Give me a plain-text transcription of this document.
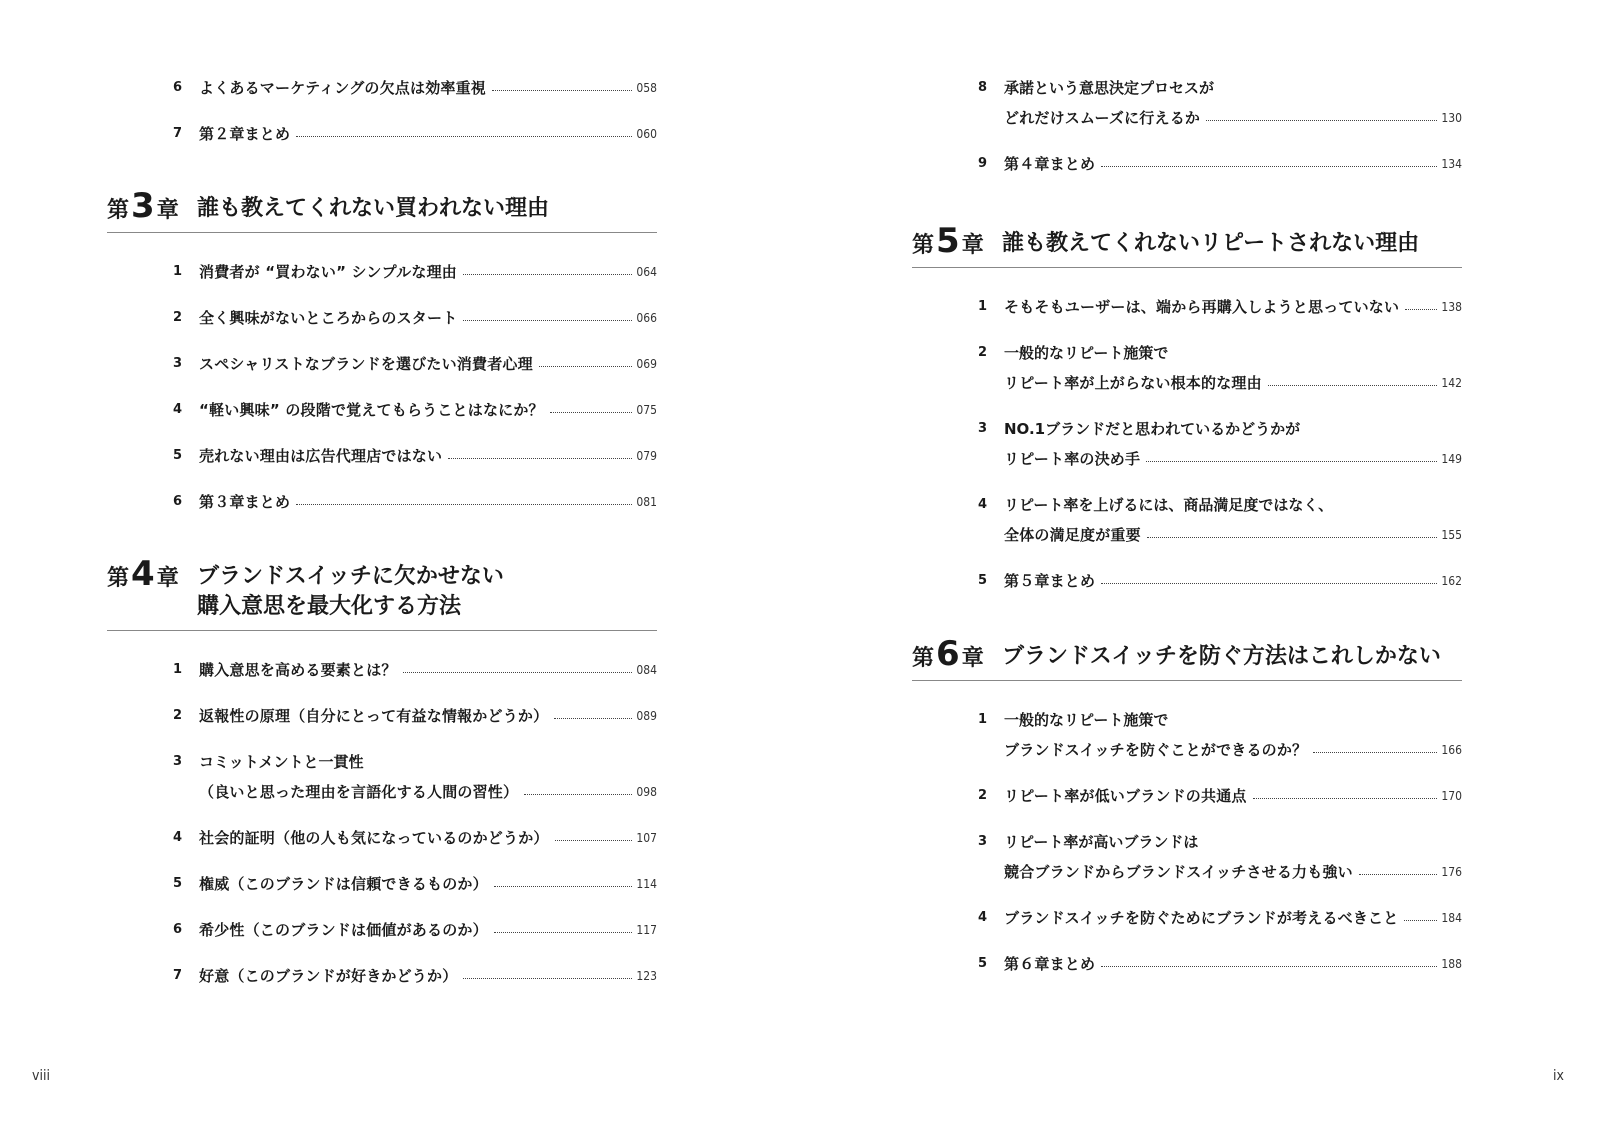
6	よくあるマーケティングの欠点は効率重視	058
7	第２章まとめ	060
第3章 誰も教えてくれない買われない理由
1	消費者が “買わない” シンプルな理由	064
2	全く興味がないところからのスタート	066
3	スペシャリストなブランドを選びたい消費者心理	069
4	“軽い興味” の段階で覚えてもらうことはなにか？	075
5	売れない理由は広告代理店ではない	079
6	第３章まとめ	081
第4章 ブランドスイッチに欠かせない
購入意思を最大化する方法
1	購入意思を高める要素とは？	084
2	返報性の原理（自分にとって有益な情報かどうか）	089
3	コミットメントと一貫性
（良いと思った理由を言語化する人間の習性）	098
4	社会的証明（他の人も気になっているのかどうか）	107
5	権威（このブランドは信頼できるものか）	114
6	希少性（このブランドは価値があるのか）	117
7	好意（このブランドが好きかどうか）	123
viii
8	承諾という意思決定プロセスが
どれだけスムーズに行えるか	130
9	第４章まとめ	134
第5章 誰も教えてくれないリピートされない理由
1	そもそもユーザーは、端から再購入しようと思っていない	138
2	一般的なリピート施策で
リピート率が上がらない根本的な理由	142
3	NO.1ブランドだと思われているかどうかが
リピート率の決め手	149
4	リピート率を上げるには、商品満足度ではなく、
全体の満足度が重要	155
5	第５章まとめ	162
第6章 ブランドスイッチを防ぐ方法はこれしかない
1	一般的なリピート施策で
ブランドスイッチを防ぐことができるのか？	166
2	リピート率が低いブランドの共通点	170
3	リピート率が高いブランドは
競合ブランドからブランドスイッチさせる力も強い	176
4	ブランドスイッチを防ぐためにブランドが考えるべきこと	184
5	第６章まとめ	188
ix
